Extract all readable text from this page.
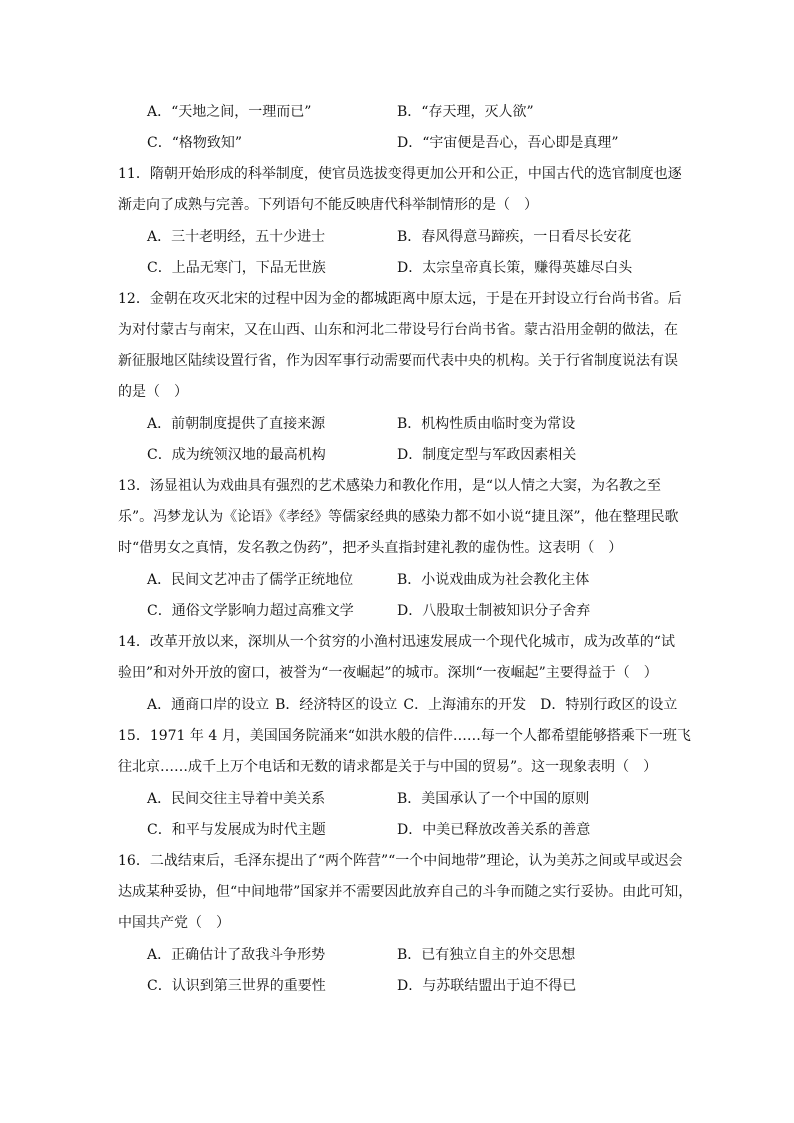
A．“天地之间，一理而已”	B．“存天理，灭人欲”
C．“格物致知”	D．“宇宙便是吾心，吾心即是真理”
11．隋朝开始形成的科举制度，使官员选拔变得更加公开和公正，中国古代的选官制度也逐
渐走向了成熟与完善。下列语句不能反映唐代科举制情形的是（　）
A．三十老明经，五十少进士	B．春风得意马蹄疾，一日看尽长安花
C．上品无寒门，下品无世族	D．太宗皇帝真长策，赚得英雄尽白头
12．金朝在攻灭北宋的过程中因为金的都城距离中原太远，于是在开封设立行台尚书省。后
为对付蒙古与南宋，又在山西、山东和河北二带设号行台尚书省。蒙古沿用金朝的做法，在
新征服地区陆续设置行省，作为因军事行动需要而代表中央的机构。关于行省制度说法有误
的是（　）
A．前朝制度提供了直接来源	B．机构性质由临时变为常设
C．成为统领汉地的最高机构	D．制度定型与军政因素相关
13．汤显祖认为戏曲具有强烈的艺术感染力和教化作用，是“以人情之大窦，为名教之至
乐”。冯梦龙认为《论语》《孝经》等儒家经典的感染力都不如小说“捷且深”，他在整理民歌
时“借男女之真情，发名教之伪药”，把矛头直指封建礼教的虚伪性。这表明（　）
A．民间文艺冲击了儒学正统地位	B．小说戏曲成为社会教化主体
C．通俗文学影响力超过高雅文学	D．八股取士制被知识分子舍弃
14．改革开放以来，深圳从一个贫穷的小渔村迅速发展成一个现代化城市，成为改革的“试
验田”和对外开放的窗口，被誉为“一夜崛起”的城市。深圳“一夜崛起”主要得益于（　）
A．通商口岸的设立 B．经济特区的设立 C．上海浦东的开发 D．特别行政区的设立
15．1971 年 4 月，美国国务院涌来“如洪水般的信件……每一个人都希望能够搭乘下一班飞
往北京……成千上万个电话和无数的请求都是关于与中国的贸易”。这一现象表明（　）
A．民间交往主导着中美关系	B．美国承认了一个中国的原则
C．和平与发展成为时代主题	D．中美已释放改善关系的善意
16．二战结束后，毛泽东提出了“两个阵营”“一个中间地带”理论，认为美苏之间或早或迟会
达成某种妥协，但“中间地带”国家并不需要因此放弃自己的斗争而随之实行妥协。由此可知，
中国共产党（　）
A．正确估计了敌我斗争形势	B．已有独立自主的外交思想
C．认识到第三世界的重要性	D．与苏联结盟出于迫不得已
